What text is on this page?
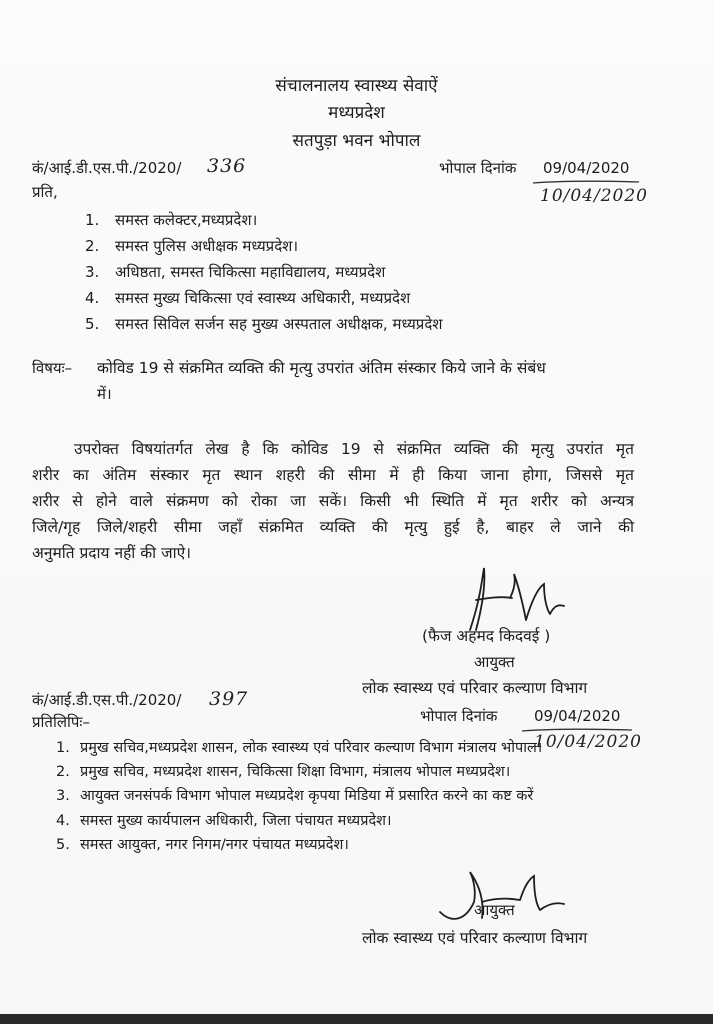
संचालनालय स्वास्थ्य सेवाऐं
मध्यप्रदेश
सतपुड़ा भवन भोपाल
कं/आई.डी.एस.पी./2020/ 336	भोपाल दिनांक 09/04/2020
10/04/2020
प्रति,
1. समस्त कलेक्टर,मध्यप्रदेश।
2. समस्त पुलिस अधीक्षक मध्यप्रदेश।
3. अधिष्ठता, समस्त चिकित्सा महाविद्यालय, मध्यप्रदेश
4. समस्त मुख्य चिकित्सा एवं स्वास्थ्य अधिकारी, मध्यप्रदेश
5. समस्त सिविल सर्जन सह मुख्य अस्पताल अधीक्षक, मध्यप्रदेश
विषयः– कोविड 19 से संक्रमित व्यक्ति की मृत्यु उपरांत अंतिम संस्कार किये जाने के संबंध
में।
उपरोक्त विषयांतर्गत लेख है कि कोविड 19 से संक्रमित व्यक्ति की मृत्यु उपरांत मृत
शरीर का अंतिम संस्कार मृत स्थान शहरी की सीमा में ही किया जाना होगा, जिससे मृत
शरीर से होने वाले संक्रमण को रोका जा सकें। किसी भी स्थिति में मृत शरीर को अन्यत्र
जिले/गृह जिले/शहरी सीमा जहॉं संक्रमित व्यक्ति की मृत्यु हुई है, बाहर ले जाने की
अनुमति प्रदाय नहीं की जाऐ।
(फैज अहमद किदवई )
आयुक्त
लोक स्वास्थ्य एवं परिवार कल्याण विभाग
कं/आई.डी.एस.पी./2020/ 397
प्रतिलिपिः–	भोपाल दिनांक 09/04/2020
10/04/2020
1. प्रमुख सचिव,मध्यप्रदेश शासन, लोक स्वास्थ्य एवं परिवार कल्याण विभाग मंत्रालय भोपाल।
2. प्रमुख सचिव, मध्यप्रदेश शासन, चिकित्सा शिक्षा विभाग, मंत्रालय भोपाल मध्यप्रदेश।
3. आयुक्त जनसंपर्क विभाग भोपाल मध्यप्रदेश कृपया मिडिया में प्रसारित करने का कष्ट करें
4. समस्त मुख्य कार्यपालन अधिकारी, जिला पंचायत मध्यप्रदेश।
5. समस्त आयुक्त, नगर निगम/नगर पंचायत मध्यप्रदेश।
आयुक्त
लोक स्वास्थ्य एवं परिवार कल्याण विभाग
